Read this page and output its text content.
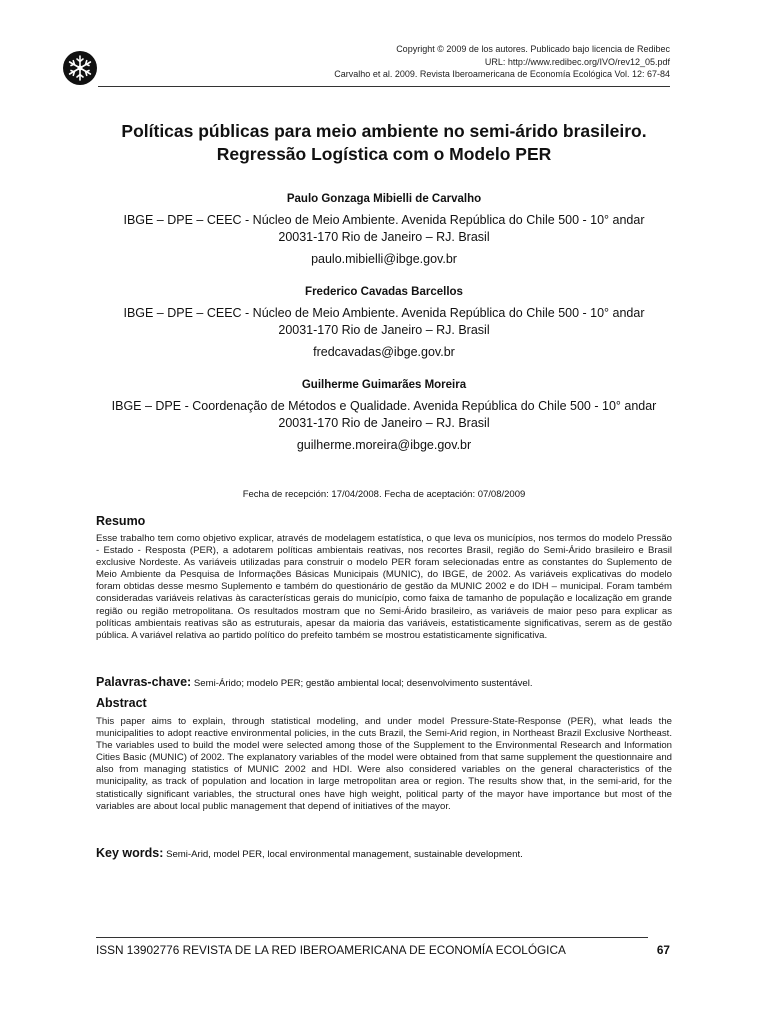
Copyright © 2009 de los autores. Publicado bajo licencia de Redibec
URL: http://www.redibec.org/IVO/rev12_05.pdf
Carvalho et al. 2009. Revista Iberoamericana de Economía Ecológica Vol. 12: 67-84
Políticas públicas para meio ambiente no semi-árido brasileiro.
Regressão Logística com o Modelo PER
Paulo Gonzaga Mibielli de Carvalho
IBGE – DPE – CEEC - Núcleo de Meio Ambiente. Avenida República do Chile 500 - 10° andar
20031-170 Rio de Janeiro – RJ. Brasil
paulo.mibielli@ibge.gov.br
Frederico Cavadas Barcellos
IBGE – DPE – CEEC - Núcleo de Meio Ambiente. Avenida República do Chile 500 - 10° andar
20031-170 Rio de Janeiro – RJ. Brasil
fredcavadas@ibge.gov.br
Guilherme Guimarães Moreira
IBGE – DPE - Coordenação de Métodos e Qualidade. Avenida República do Chile 500 - 10° andar
20031-170 Rio de Janeiro – RJ. Brasil
guilherme.moreira@ibge.gov.br
Fecha de recepción: 17/04/2008. Fecha de aceptación: 07/08/2009
Resumo

Esse trabalho tem como objetivo explicar, através de modelagem estatística, o que leva os municípios, nos termos do modelo Pressão - Estado - Resposta (PER), a adotarem políticas ambientais reativas, nos recortes Brasil, região do Semi-Árido brasileiro e Brasil exclusive Nordeste. As variáveis utilizadas para construir o modelo PER foram selecionadas entre as constantes do Suplemento de Meio Ambiente da Pesquisa de Informações Básicas Municipais (MUNIC), do IBGE, de 2002. As variáveis explicativas do modelo foram obtidas desse mesmo Suplemento e também do questionário de gestão da MUNIC 2002 e do IDH – municipal. Foram também consideradas variáveis relativas às características gerais do município, como faixa de tamanho de população e localização em grande região ou região metropolitana. Os resultados mostram que no Semi-Árido brasileiro, as variáveis de maior peso para explicar as políticas ambientais reativas são as estruturais, apesar da maioria das variáveis, estatisticamente significativas, serem as de gestão pública. A variável relativa ao partido político do prefeito também se mostrou estatisticamente significativa.

Palavras-chave: Semi-Árido; modelo PER; gestão ambiental local; desenvolvimento sustentável.
Abstract

This paper aims to explain, through statistical modeling, and under model Pressure-State-Response (PER), what leads the municipalities to adopt reactive environmental policies, in the cuts Brazil, the Semi-Arid region, in Northeast Brazil Exclusive Northeast. The variables used to build the model were selected among those of the Supplement to the Environmental Research and Information Cities Basic (MUNIC) of 2002. The explanatory variables of the model were obtained from that same supplement the questionnaire and also from managing statistics of MUNIC 2002 and HDI. Were also considered variables on the general characteristics of the municipality, as track of population and location in large metropolitan area or region. The results show that, in the semi-arid, for the statistically significant variables, the structural ones have high weight, political party of the mayor have importance but most of the variables are about local public management that depend of initiatives of the mayor.

Key words: Semi-Arid, model PER, local environmental management, sustainable development.
ISSN 13902776 REVISTA DE LA RED IBEROAMERICANA DE ECONOMÍA ECOLÓGICA	67
